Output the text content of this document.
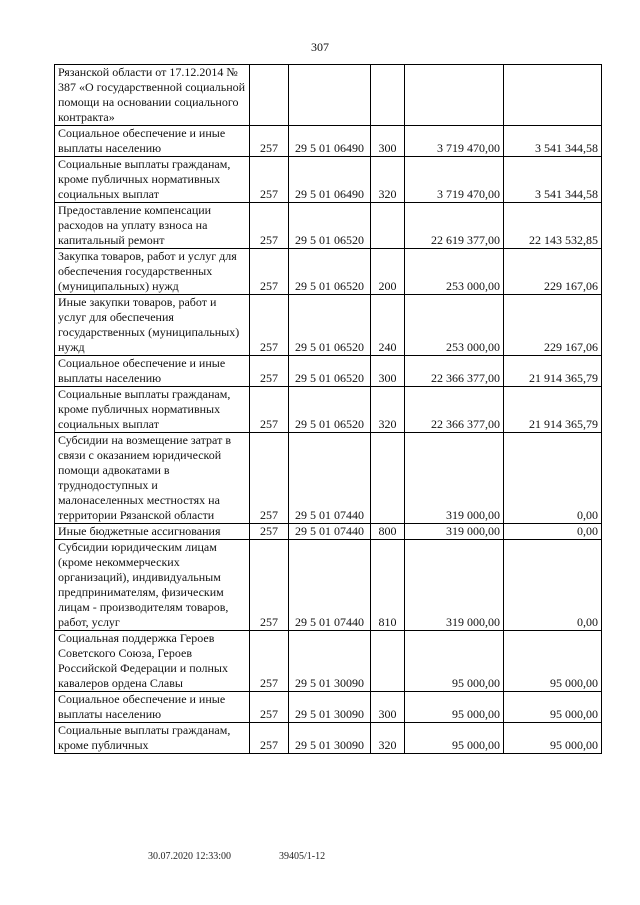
307
Рязанской области от 17.12.2014 № 387 «О государственной социальной помощи на основании социального контракта»					
Социальное обеспечение и иные выплаты населению	257	29 5 01 06490	300	3 719 470,00	3 541 344,58
Социальные выплаты гражданам, кроме публичных нормативных социальных выплат	257	29 5 01 06490	320	3 719 470,00	3 541 344,58
Предоставление компенсации расходов на уплату взноса на капитальный ремонт	257	29 5 01 06520		22 619 377,00	22 143 532,85
Закупка товаров, работ и услуг для обеспечения государственных (муниципальных) нужд	257	29 5 01 06520	200	253 000,00	229 167,06
Иные закупки товаров, работ и услуг для обеспечения государственных (муниципальных) нужд	257	29 5 01 06520	240	253 000,00	229 167,06
Социальное обеспечение и иные выплаты населению	257	29 5 01 06520	300	22 366 377,00	21 914 365,79
Социальные выплаты гражданам, кроме публичных нормативных социальных выплат	257	29 5 01 06520	320	22 366 377,00	21 914 365,79
Субсидии на возмещение затрат в связи с оказанием юридической помощи адвокатами в труднодоступных и малонаселенных местностях на территории Рязанской области	257	29 5 01 07440		319 000,00	0,00
Иные бюджетные ассигнования	257	29 5 01 07440	800	319 000,00	0,00
Субсидии юридическим лицам (кроме некоммерческих организаций), индивидуальным предпринимателям, физическим лицам - производителям товаров, работ, услуг	257	29 5 01 07440	810	319 000,00	0,00
Социальная поддержка Героев Советского Союза, Героев Российской Федерации и полных кавалеров ордена Славы	257	29 5 01 30090		95 000,00	95 000,00
Социальное обеспечение и иные выплаты населению	257	29 5 01 30090	300	95 000,00	95 000,00
Социальные выплаты гражданам, кроме публичных	257	29 5 01 30090	320	95 000,00	95 000,00
30.07.2020 12:33:00	39405/1-12
